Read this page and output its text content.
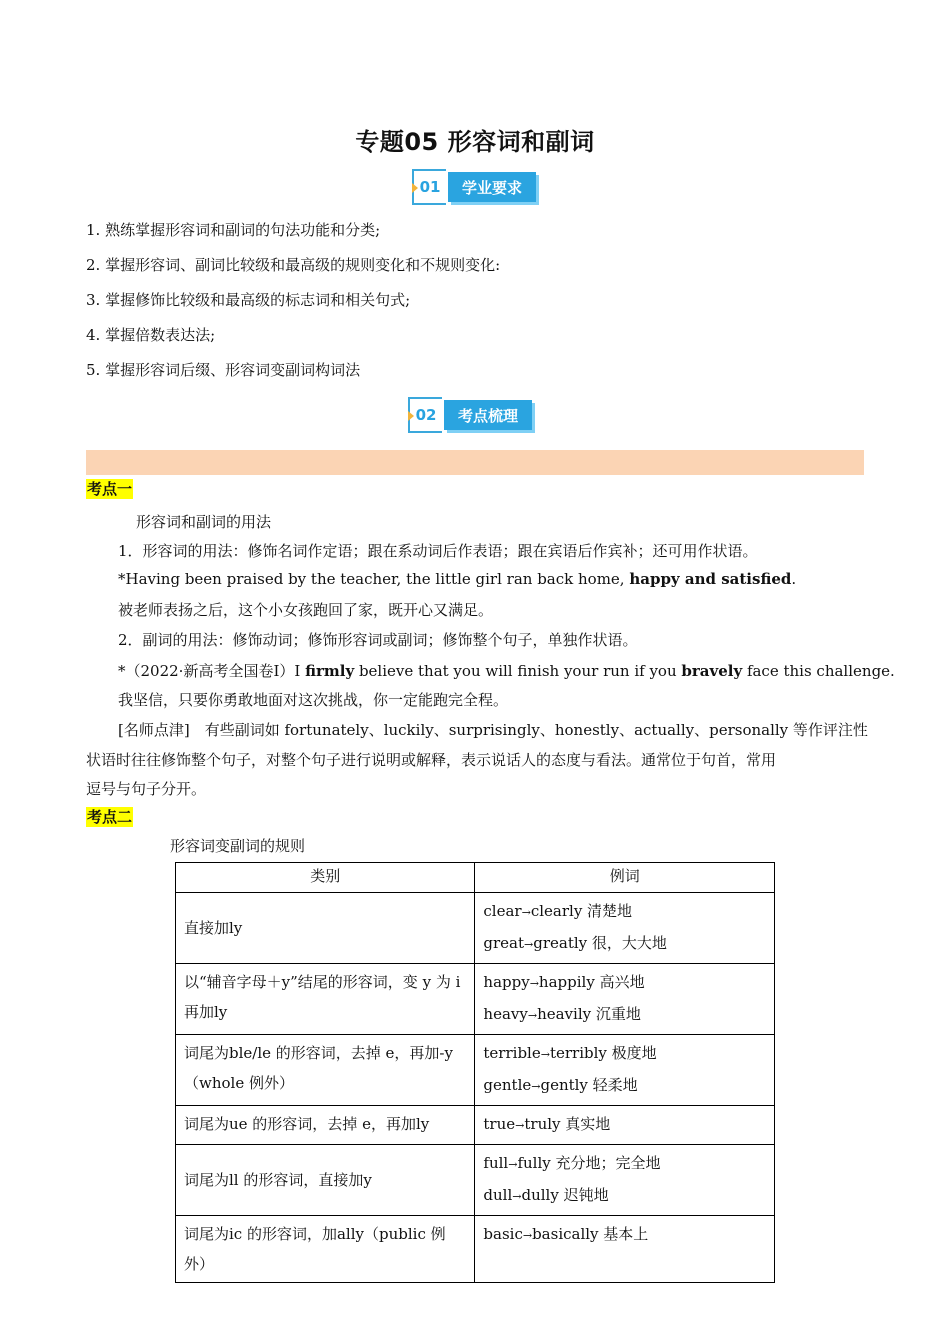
专题05 形容词和副词
01	学业要求
1. 熟练掌握形容词和副词的句法功能和分类;
2. 掌握形容词、副词比较级和最高级的规则变化和不规则变化:
3. 掌握修饰比较级和最高级的标志词和相关句式;
4. 掌握倍数表达法;
5. 掌握形容词后缀、形容词变副词构词法
02	考点梳理
考点一
形容词和副词的用法
1．形容词的用法：修饰名词作定语；跟在系动词后作表语；跟在宾语后作宾补；还可用作状语。
*Having been praised by the teacher, the little girl ran back home, happy and satisfied.
被老师表扬之后，这个小女孩跑回了家，既开心又满足。
2．副词的用法：修饰动词；修饰形容词或副词；修饰整个句子，单独作状语。
*（2022·新高考全国卷Ⅰ）I firmly believe that you will finish your run if you bravely face this challenge.
我坚信，只要你勇敢地面对这次挑战，你一定能跑完全程。
[名师点津]　有些副词如 fortunately、luckily、surprisingly、honestly、actually、personally 等作评注性
状语时往往修饰整个句子，对整个句子进行说明或解释，表示说话人的态度与看法。通常位于句首，常用
逗号与句子分开。
考点二
形容词变副词的规则
类别	例词
直接加ly	clear→clearly 清楚地
great→greatly 很，大大地

以“辅音字母＋y”结尾的形容词，变 y 为 i 再加ly	happy→happily 高兴地
heavy→heavily 沉重地

词尾为ble/le 的形容词，去掉 e，再加-y（whole 例外）	terrible→terribly 极度地
gentle→gently 轻柔地

词尾为ue 的形容词，去掉 e，再加ly	true→truly 真实地

词尾为ll 的形容词，直接加y	full→fully 充分地；完全地
dull→dully 迟钝地

词尾为ic 的形容词，加ally（public 例外）	basic→basically 基本上
